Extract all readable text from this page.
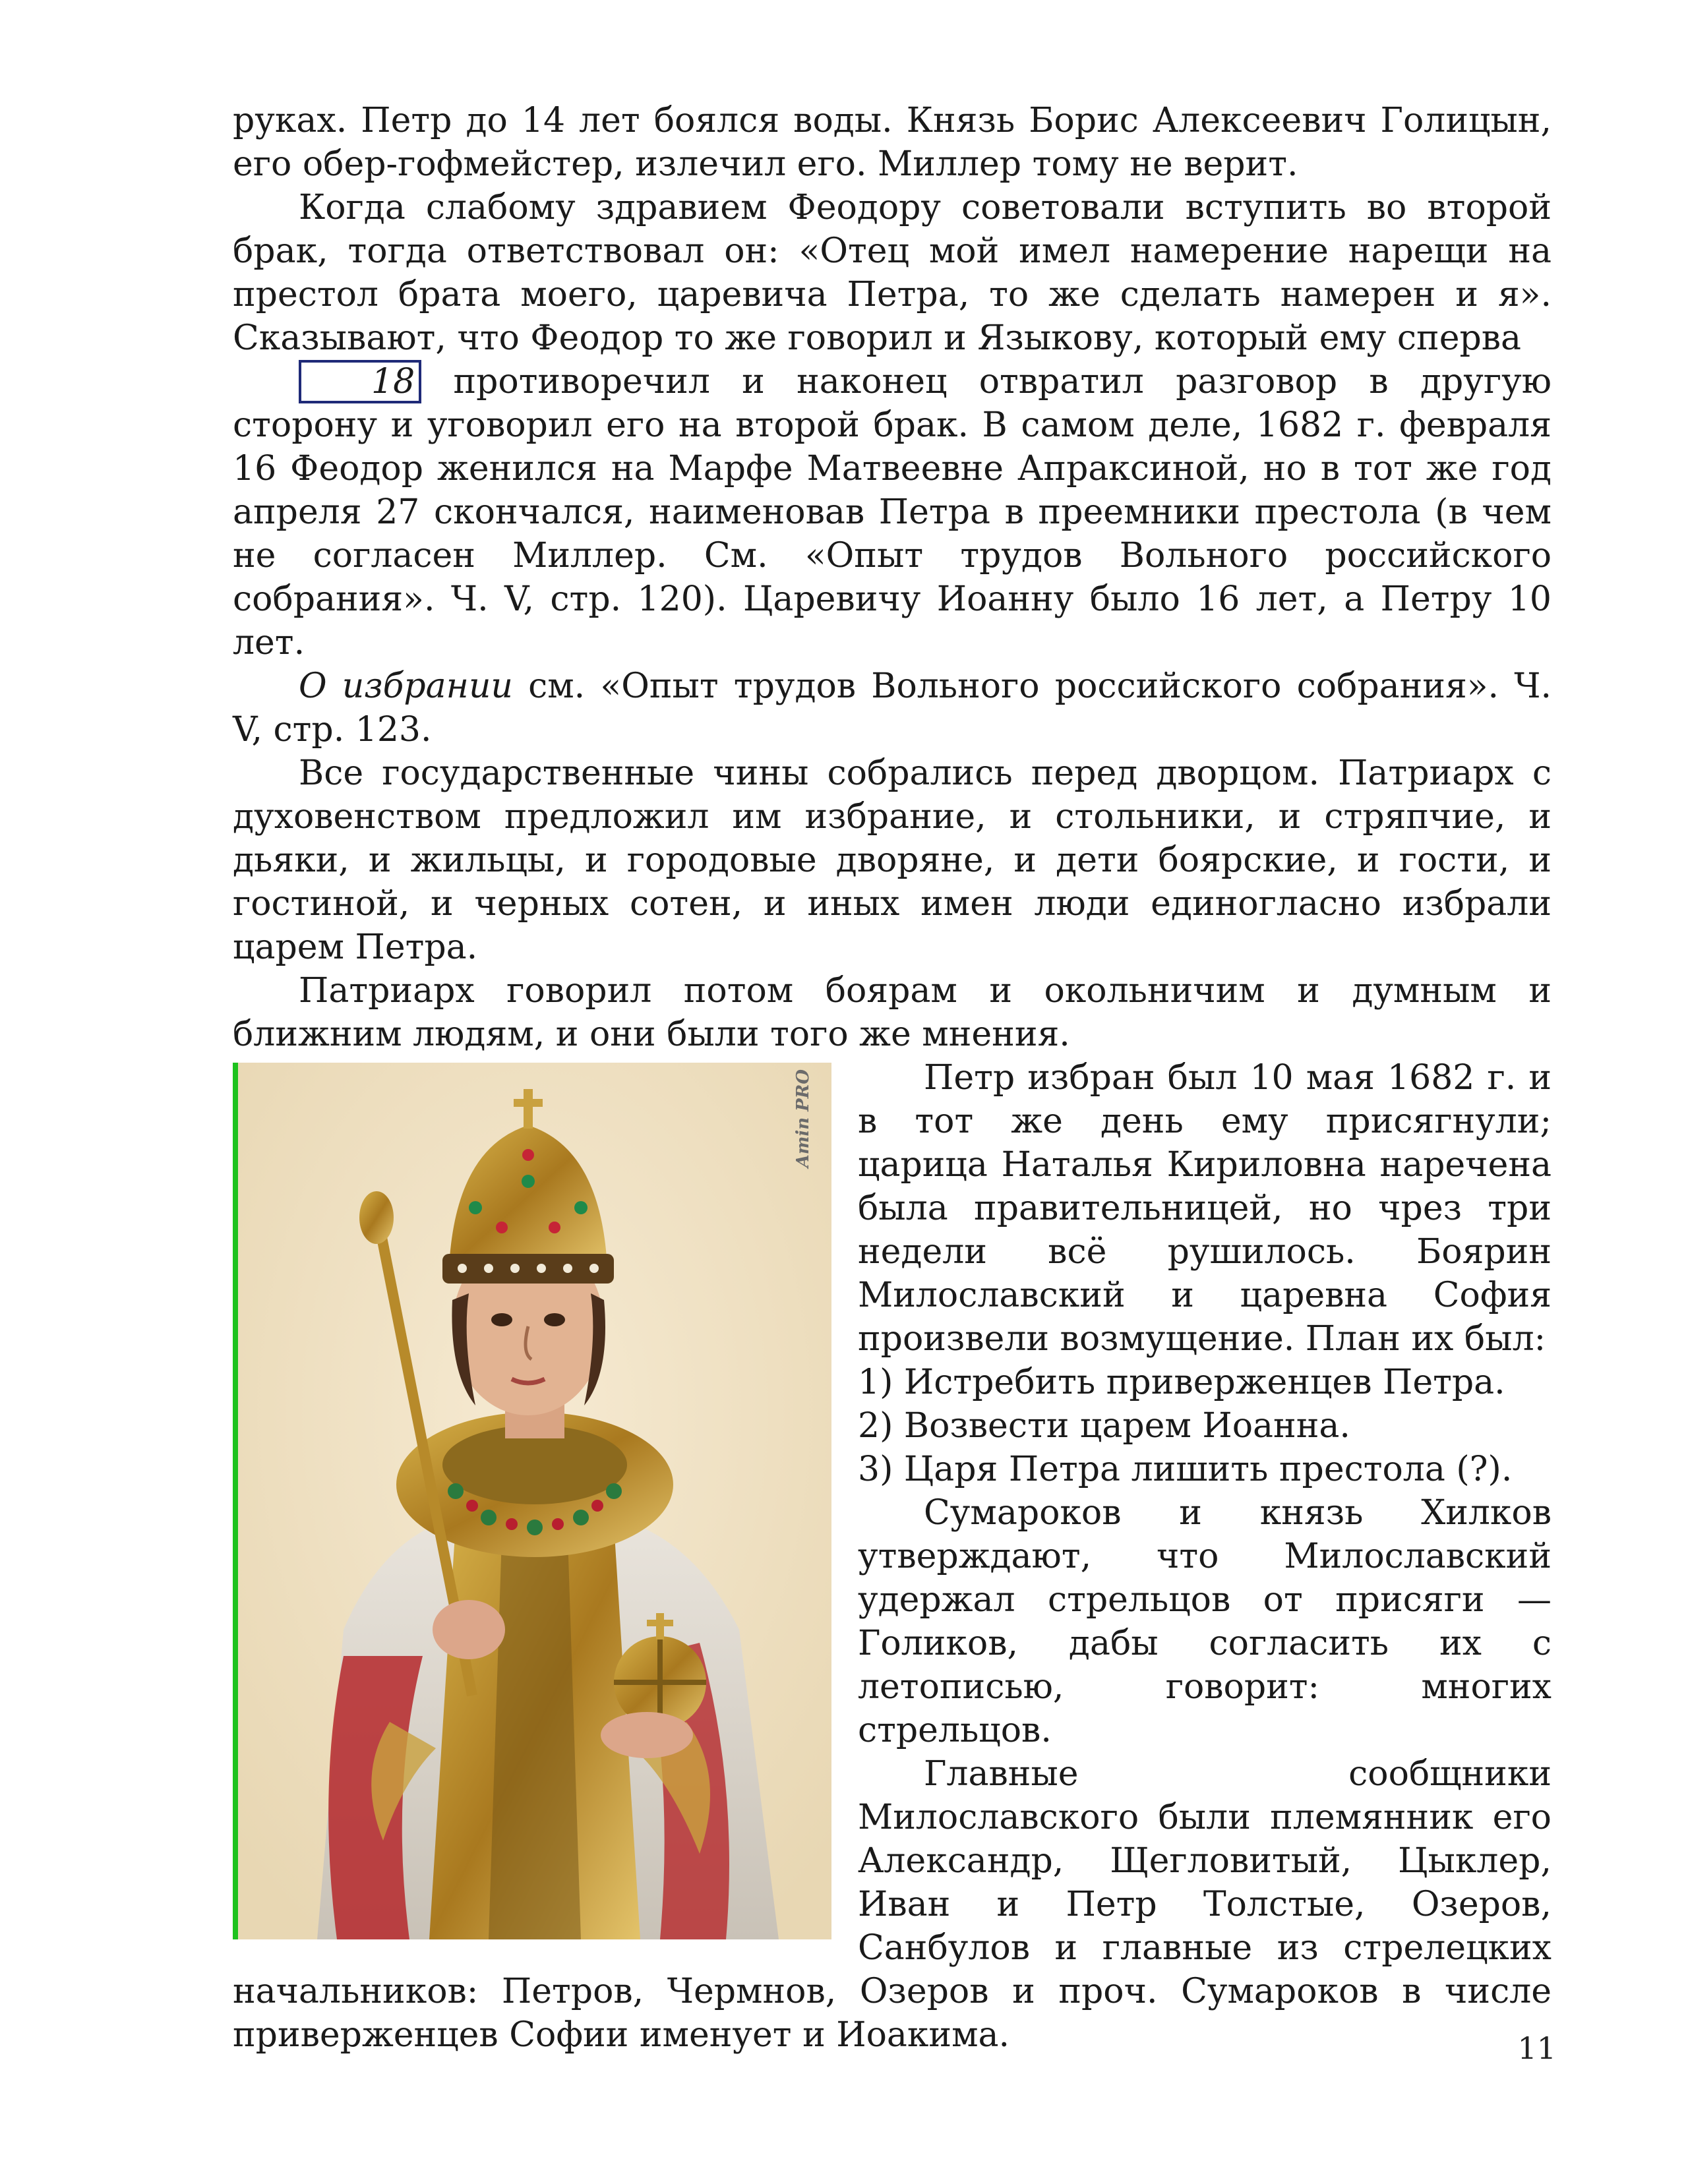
руках. Петр до 14 лет боялся воды. Князь Борис Алексеевич Голицын, его обер-гофмейстер, излечил его. Миллер тому не верит.

Когда слабому здравием Феодору советовали вступить во второй брак, тогда ответствовал он: «Отец мой имел намерение нарещи на престол брата моего, царевича Петра, то же сделать намерен и я». Сказывают, что Феодор то же говорил и Языкову, который ему сперва

18 противоречил и наконец отвратил разговор в другую сторону и уговорил его на второй брак. В самом деле, 1682 г. февраля 16 Феодор женился на Марфе Матвеевне Апраксиной, но в тот же год апреля 27 скончался, наименовав Петра в преемники престола (в чем не согласен Миллер. См. «Опыт трудов Вольного российского собрания». Ч. V, стр. 120). Царевичу Иоанну было 16 лет, а Петру 10 лет.

О избрании см. «Опыт трудов Вольного российского собрания». Ч. V, стр. 123.

Все государственные чины собрались перед дворцом. Патриарх с духовенством предложил им избрание, и стольники, и стряпчие, и дьяки, и жильцы, и городовые дворяне, и дети боярские, и гости, и гостиной, и черных сотен, и иных имен люди единогласно избрали царем Петра.

Патриарх говорил потом боярам и окольничим и думным и ближним людям, и они были того же мнения.

Amin PRO	Петр избран был 10 мая 1682 г. и в тот же день ему присягнули; царица Наталья Кириловна наречена была правительницей, но чрез три недели всё рушилось. Боярин Милославский и царевна София произвели возмущение. План их был:

1) Истребить приверженцев Петра.

2) Возвести царем Иоанна.

3) Царя Петра лишить престола (?).

Сумароков и князь Хилков утверждают, что Милославский удержал стрельцов от присяги — Голиков, дабы согласить их с летописью, говорит: многих стрельцов.

Главные сообщники Милославского были племянник его Александр, Щегловитый, Цыклер, Иван и Петр Толстые, Озеров, Санбулов и главные из стрелецких начальников: Петров, Чермнов, Озеров и проч. Сумароков в числе приверженцев Софии именует и Иоакима.	11
